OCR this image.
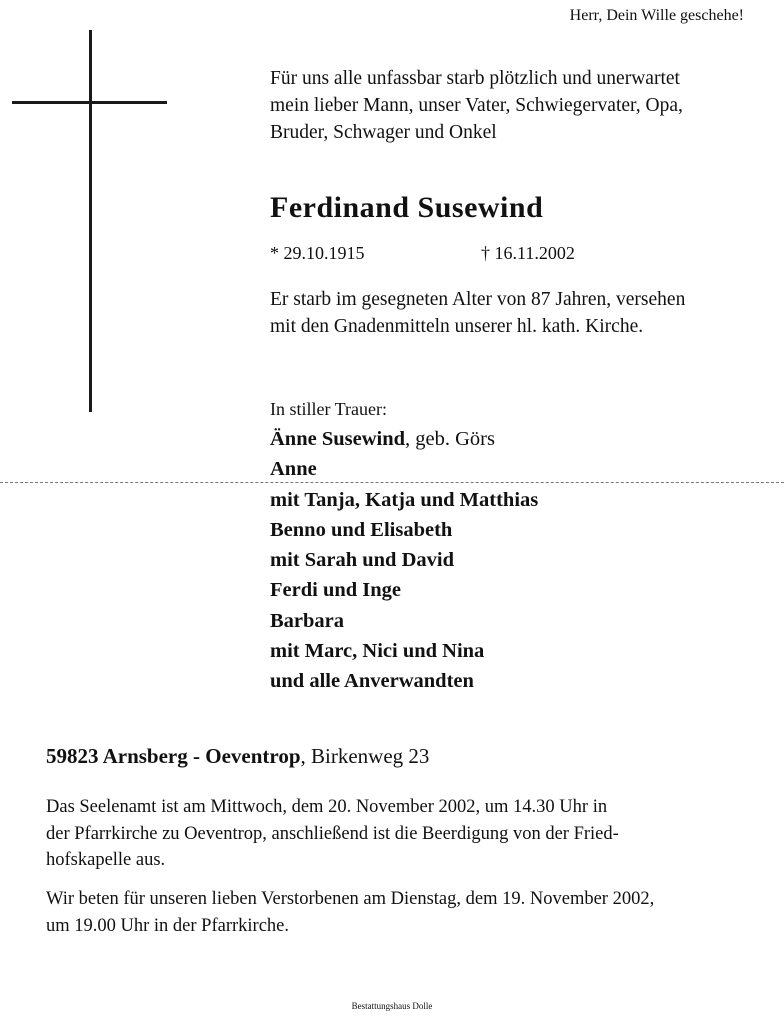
Herr, Dein Wille geschehe!
Für uns alle unfassbar starb plötzlich und unerwartet
mein lieber Mann, unser Vater, Schwiegervater, Opa,
Bruder, Schwager und Onkel
Ferdinand Susewind
* 29.10.1915	† 16.11.2002
Er starb im gesegneten Alter von 87 Jahren, versehen
mit den Gnadenmitteln unserer hl. kath. Kirche.
In stiller Trauer:
Änne Susewind, geb. Görs
Anne
mit Tanja, Katja und Matthias
Benno und Elisabeth
mit Sarah und David
Ferdi und Inge
Barbara
mit Marc, Nici und Nina
und alle Anverwandten
59823 Arnsberg - Oeventrop, Birkenweg 23
Das Seelenamt ist am Mittwoch, dem 20. November 2002, um 14.30 Uhr in
der Pfarrkirche zu Oeventrop, anschließend ist die Beerdigung von der Fried-
hofskapelle aus.
Wir beten für unseren lieben Verstorbenen am Dienstag, dem 19. November 2002,
um 19.00 Uhr in der Pfarrkirche.
Bestattungshaus Dolle
